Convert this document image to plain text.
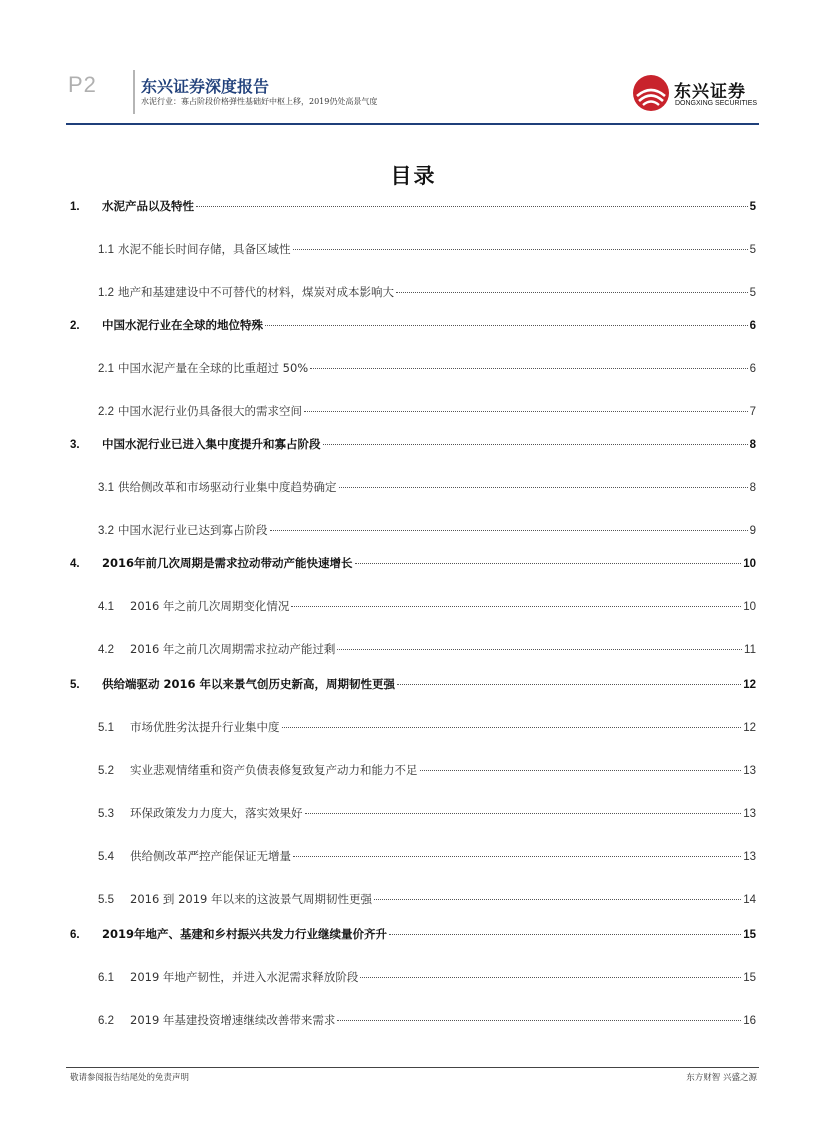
P2	东兴证券深度报告
水泥行业：寡占阶段价格弹性基础好中枢上移，2019仍处高景气度	东兴证券
DONGXING SECURITIES
目录
1.	水泥产品以及特性	5
1.1 水泥不能长时间存储，具备区域性	5
1.2 地产和基建建设中不可替代的材料，煤炭对成本影响大	5
2.	中国水泥行业在全球的地位特殊	6
2.1 中国水泥产量在全球的比重超过 50%	6
2.2 中国水泥行业仍具备很大的需求空间	7
3.	中国水泥行业已进入集中度提升和寡占阶段	8
3.1 供给侧改革和市场驱动行业集中度趋势确定	8
3.2 中国水泥行业已达到寡占阶段	9
4.	2016年前几次周期是需求拉动带动产能快速增长	10
4.1	2016 年之前几次周期变化情况	10
4.2	2016 年之前几次周期需求拉动产能过剩	11
5.	供给端驱动 2016 年以来景气创历史新高，周期韧性更强	12
5.1	市场优胜劣汰提升行业集中度	12
5.2	实业悲观情绪重和资产负债表修复致复产动力和能力不足	13
5.3	环保政策发力力度大，落实效果好	13
5.4	供给侧改革严控产能保证无增量	13
5.5	2016 到 2019 年以来的这波景气周期韧性更强	14
6.	2019年地产、基建和乡村振兴共发力行业继续量价齐升	15
6.1	2019 年地产韧性，并进入水泥需求释放阶段	15
6.2	2019 年基建投资增速继续改善带来需求	16
敬请参阅报告结尾处的免责声明	东方财智 兴盛之源
